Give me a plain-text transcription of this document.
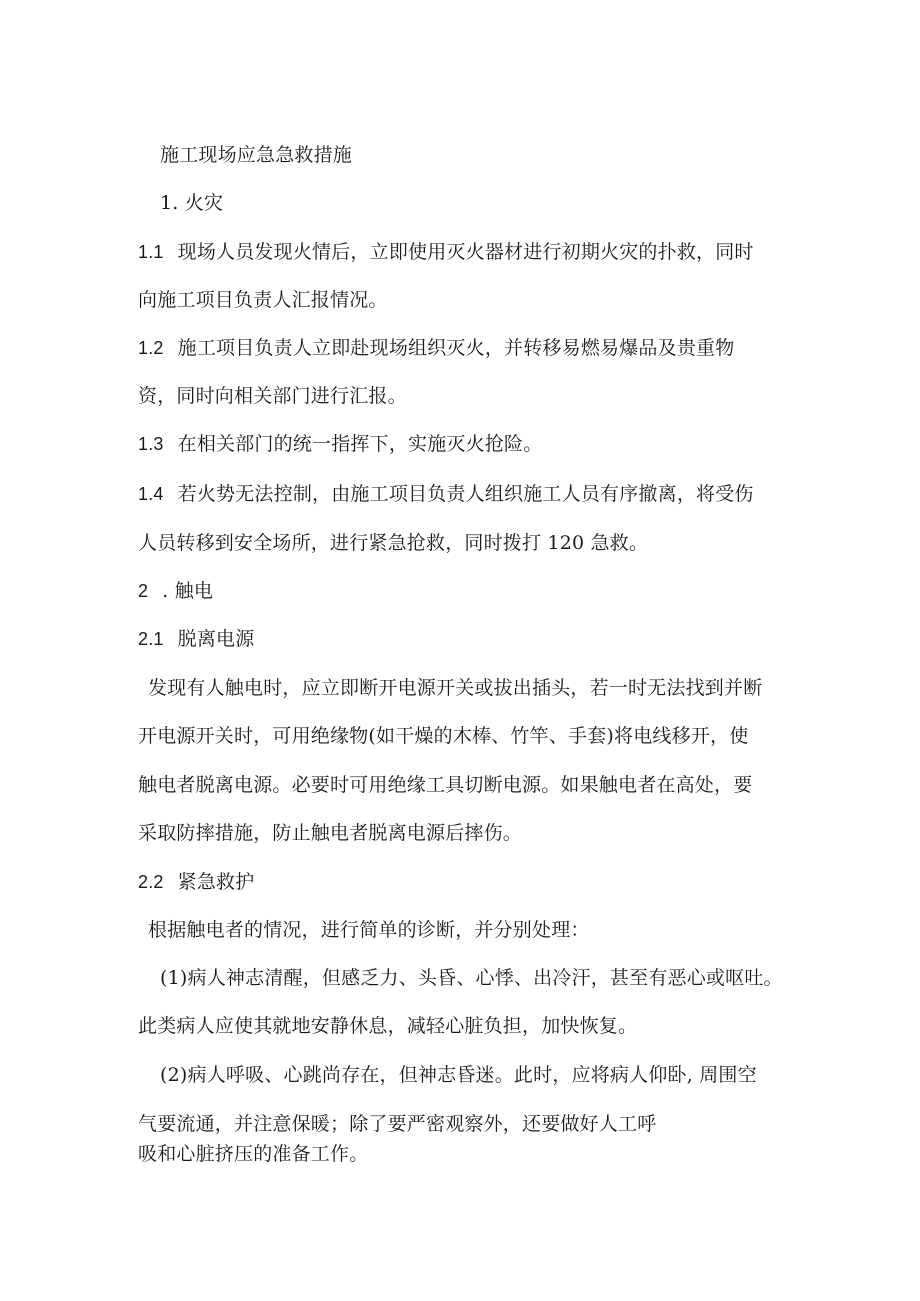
施工现场应急急救措施
1. 火灾
1.1 现场人员发现火情后，立即使用灭火器材进行初期火灾的扑救，同时
向施工项目负责人汇报情况。
1.2 施工项目负责人立即赴现场组织灭火，并转移易燃易爆品及贵重物
资，同时向相关部门进行汇报。
1.3 在相关部门的统一指挥下，实施灭火抢险。
1.4 若火势无法控制，由施工项目负责人组织施工人员有序撤离，将受伤
人员转移到安全场所，进行紧急抢救，同时拨打 120 急救。
2 . 触电
2.1 脱离电源
发现有人触电时，应立即断开电源开关或拔出插头，若一时无法找到并断
开电源开关时，可用绝缘物(如干燥的木棒、竹竿、手套)将电线移开，使
触电者脱离电源。必要时可用绝缘工具切断电源。如果触电者在高处，要
采取防摔措施，防止触电者脱离电源后摔伤。
2.2 紧急救护
根据触电者的情况，进行简单的诊断，并分别处理：
(1)病人神志清醒，但感乏力、头昏、心悸、出冷汗，甚至有恶心或呕吐。
此类病人应使其就地安静休息，减轻心脏负担，加快恢复。
(2)病人呼吸、心跳尚存在，但神志昏迷。此时，应将病人仰卧, 周围空
气要流通，并注意保暖；除了要严密观察外，还要做好人工呼
吸和心脏挤压的准备工作。
